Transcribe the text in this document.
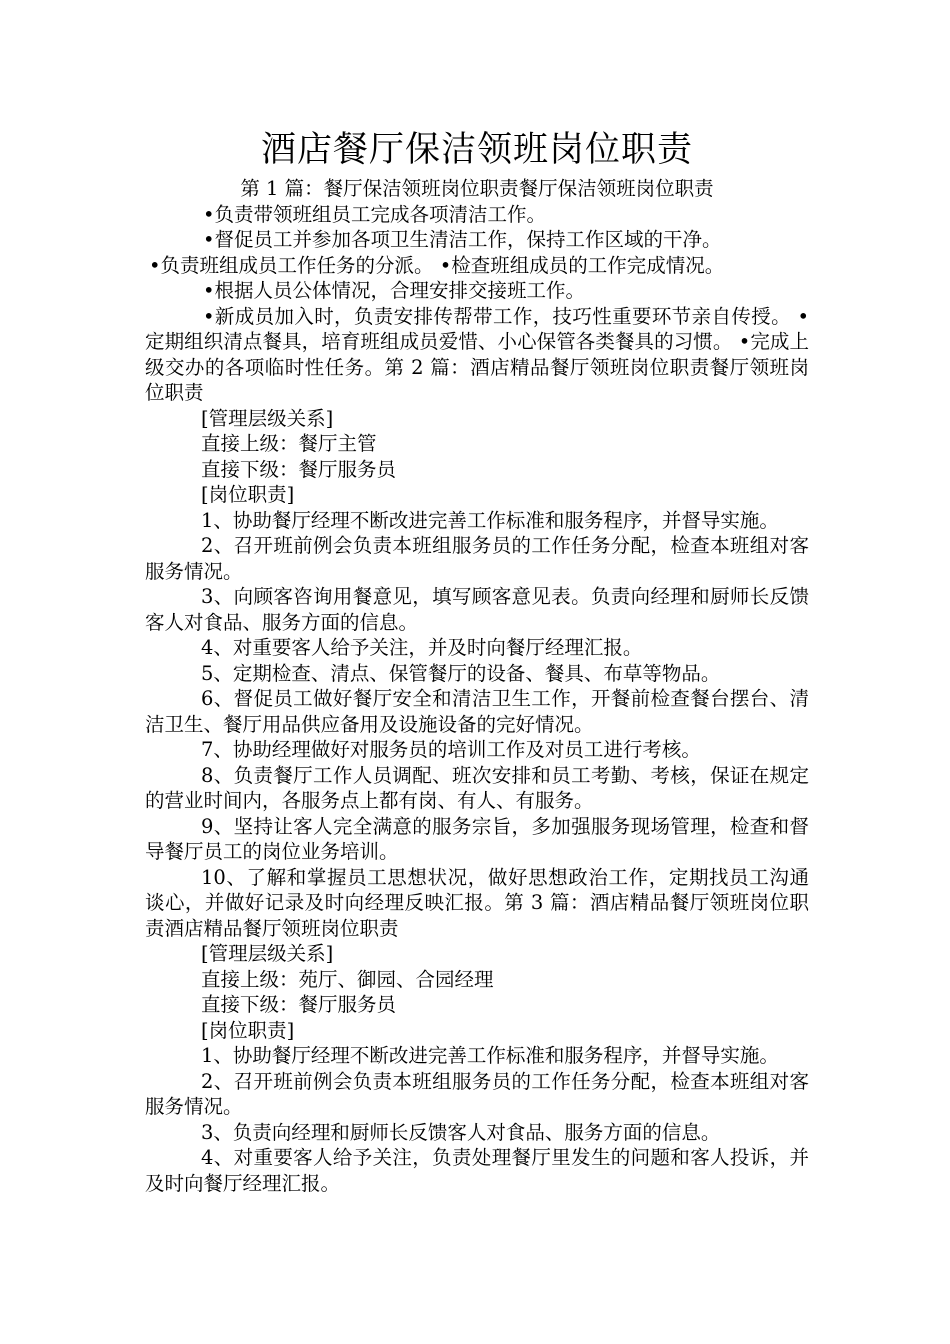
酒店餐厅保洁领班岗位职责

第 1 篇：餐厅保洁领班岗位职责餐厅保洁领班岗位职责

•负责带领班组员工完成各项清洁工作。

•督促员工并参加各项卫生清洁工作，保持工作区域的干净。

•负责班组成员工作任务的分派。 •检查班组成员的工作完成情况。

•根据人员公体情况，合理安排交接班工作。

•新成员加入时，负责安排传帮带工作，技巧性重要环节亲自传授。 •定期组织清点餐具，培育班组成员爱惜、小心保管各类餐具的习惯。 •完成上级交办的各项临时性任务。第 2 篇：酒店精品餐厅领班岗位职责餐厅领班岗位职责

[管理层级关系]

直接上级：餐厅主管

直接下级：餐厅服务员

[岗位职责]

1、协助餐厅经理不断改进完善工作标准和服务程序，并督导实施。

2、召开班前例会负责本班组服务员的工作任务分配，检查本班组对客服务情况。

3、向顾客咨询用餐意见，填写顾客意见表。负责向经理和厨师长反馈客人对食品、服务方面的信息。

4、对重要客人给予关注，并及时向餐厅经理汇报。

5、定期检查、清点、保管餐厅的设备、餐具、布草等物品。

6、督促员工做好餐厅安全和清洁卫生工作，开餐前检查餐台摆台、清洁卫生、餐厅用品供应备用及设施设备的完好情况。

7、协助经理做好对服务员的培训工作及对员工进行考核。

8、负责餐厅工作人员调配、班次安排和员工考勤、考核，保证在规定的营业时间内，各服务点上都有岗、有人、有服务。

9、坚持让客人完全满意的服务宗旨，多加强服务现场管理，检查和督导餐厅员工的岗位业务培训。

10、了解和掌握员工思想状况，做好思想政治工作，定期找员工沟通谈心，并做好记录及时向经理反映汇报。第 3 篇：酒店精品餐厅领班岗位职责酒店精品餐厅领班岗位职责

[管理层级关系]

直接上级：苑厅、御园、合园经理

直接下级：餐厅服务员

[岗位职责]

1、协助餐厅经理不断改进完善工作标准和服务程序，并督导实施。

2、召开班前例会负责本班组服务员的工作任务分配，检查本班组对客服务情况。

3、负责向经理和厨师长反馈客人对食品、服务方面的信息。

4、对重要客人给予关注，负责处理餐厅里发生的问题和客人投诉，并及时向餐厅经理汇报。
